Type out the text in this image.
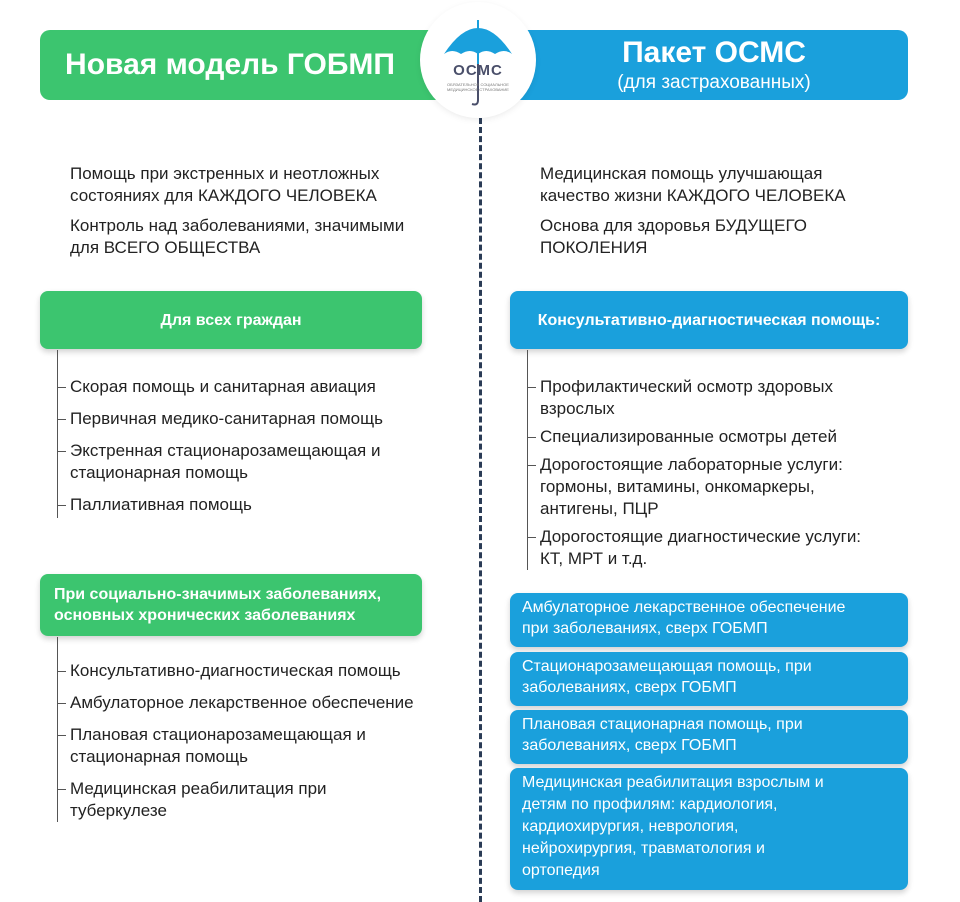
Новая модель ГОБМП	Пакет ОСМС
(для застрахованных)
ОСМС
ОБЯЗАТЕЛЬНОЕ СОЦИАЛЬНОЕ МЕДИЦИНСКОЕ СТРАХОВАНИЕ
Помощь при экстренных и неотложных
состояниях для КАЖДОГО ЧЕЛОВЕКА
Контроль над заболеваниями, значимыми
для ВСЕГО ОБЩЕСТВА
Медицинская помощь улучшающая
качество жизни КАЖДОГО ЧЕЛОВЕКА
Основа для здоровья БУДУЩЕГО
ПОКОЛЕНИЯ
Для всех граждан
Скорая помощь и санитарная авиация
Первичная медико-санитарная помощь
Экстренная стационарозамещающая и
стационарная помощь
Паллиативная помощь
При социально-значимых заболеваниях,
основных хронических заболеваниях
Консультативно-диагностическая помощь
Амбулаторное лекарственное обеспечение
Плановая стационарозамещающая и
стационарная помощь
Медицинская реабилитация при
туберкулезе
Консультативно-диагностическая помощь:
Профилактический осмотр здоровых
взрослых
Специализированные осмотры детей
Дорогостоящие лабораторные услуги:
гормоны, витамины, онкомаркеры,
антигены, ПЦР
Дорогостоящие диагностические услуги:
КТ, МРТ и т.д.
Амбулаторное лекарственное обеспечение
при заболеваниях, сверх ГОБМП
Стационарозамещающая помощь, при
заболеваниях, сверх ГОБМП
Плановая стационарная помощь, при
заболеваниях, сверх ГОБМП
Медицинская реабилитация взрослым и
детям по профилям: кардиология,
кардиохирургия, неврология,
нейрохирургия, травматология и
ортопедия
